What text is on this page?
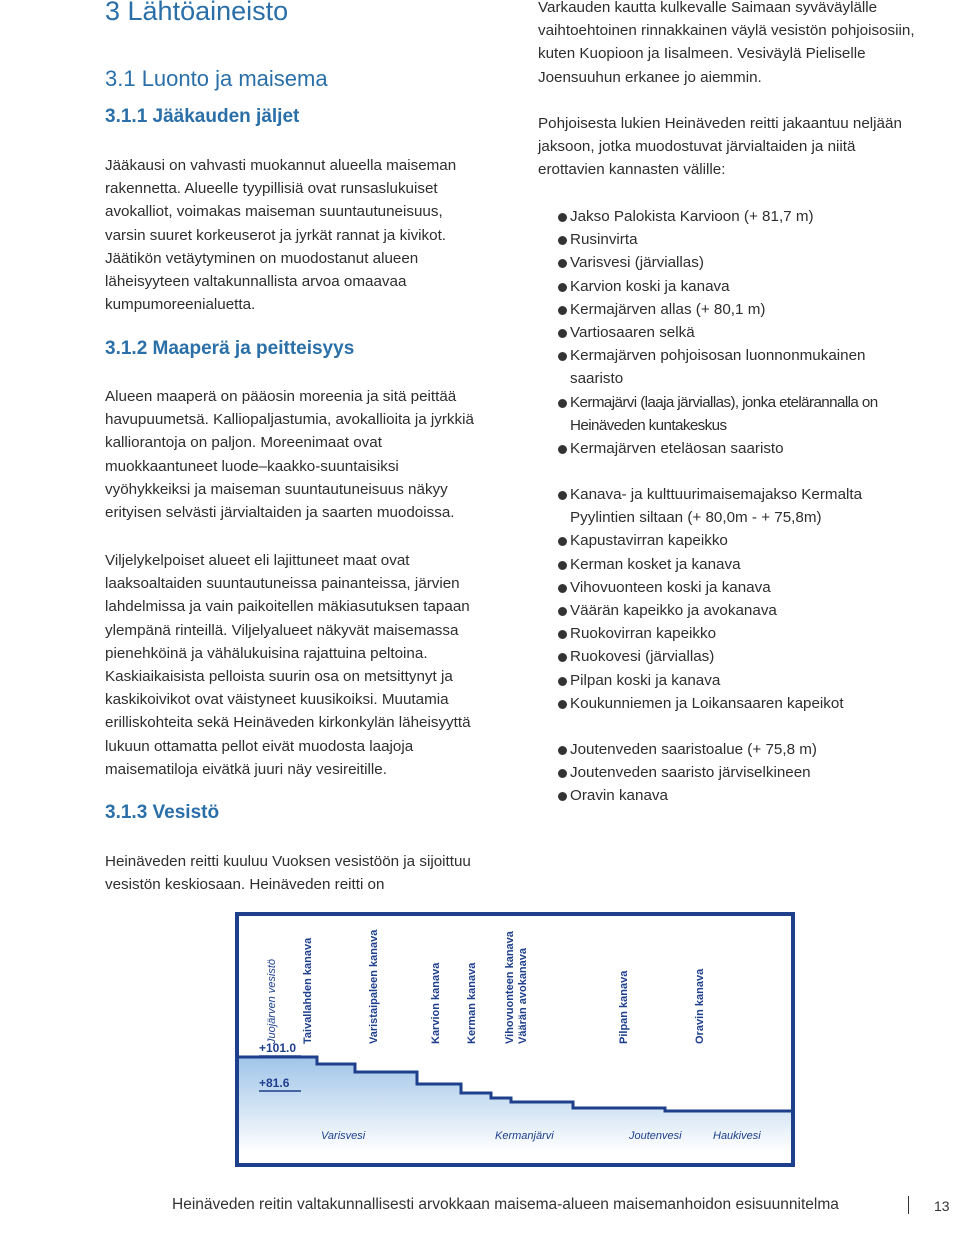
3 Lähtöaineisto
3.1 Luonto ja maisema
3.1.1 Jääkauden jäljet
Jääkausi on vahvasti muokannut alueella maiseman rakennetta. Alueelle tyypillisiä ovat runsaslukuiset avokalliot, voimakas maiseman suuntautuneisuus, varsin suuret korkeuserot ja jyrkät rannat ja kivikot. Jäätikön vetäytyminen on muodostanut alueen läheisyyteen valtakunnallista arvoa omaavaa kumpumoreenialuetta.
3.1.2 Maaperä ja peitteisyys
Alueen maaperä on pääosin moreenia ja sitä peittää havupuumetsä. Kalliopaljastumia, avokallioita ja jyrkkiä kalliorantoja on paljon. Moreenimaat ovat muokkaantuneet luode–kaakko-suuntaisiksi vyöhykkeiksi ja maiseman suuntautuneisuus näkyy erityisen selvästi järvialtaiden ja saarten muodoissa.
Viljelykelpoiset alueet eli lajittuneet maat ovat laaksoaltaiden suuntautuneissa painanteissa, järvien lahdelmissa ja vain paikoitellen mäkiasutuksen tapaan ylempänä rinteillä. Viljelyalueet näkyvät maisemassa pienehköinä ja vähälukuisina rajattuina peltoina. Kaskiaikaisista pelloista suurin osa on metsittynyt ja kaskikoivikot ovat väistyneet kuusikoiksi. Muutamia erilliskohteita sekä Heinäveden kirkonkylän läheisyyttä lukuun ottamatta pellot eivät muodosta laajoja maisematiloja eivätkä juuri näy vesireitille.
3.1.3 Vesistö
Heinäveden reitti kuuluu Vuoksen vesistöön ja sijoittuu vesistön keskiosaan. Heinäveden reitti on
Varkauden kautta kulkevalle Saimaan syväväylälle vaihtoehtoinen rinnakkainen väylä vesistön pohjoisosiin, kuten Kuopioon ja Iisalmeen. Vesiväylä Pieliselle Joensuuhun erkanee jo aiemmin.
Pohjoisesta lukien Heinäveden reitti jakaantuu neljään jaksoon, jotka muodostuvat järvialtaiden ja niitä erottavien kannasten välille:
Jakso Palokista Karvioon (+ 81,7 m)
Rusinvirta
Varisvesi (järviallas)
Karvion koski ja kanava
Kermajärven allas (+ 80,1 m)
Vartiosaaren selkä
Kermajärven pohjoisosan luonnonmukainen saaristo
Kermajärvi (laaja järviallas), jonka etelärannalla on Heinäveden kuntakeskus
Kermajärven eteläosan saaristo
Kanava- ja kulttuurimaisemajakso Kermalta Pyylintien siltaan (+ 80,0m - + 75,8m)
Kapustavirran kapeikko
Kerman kosket ja kanava
Vihovuonteen koski ja kanava
Väärän kapeikko ja avokanava
Ruokovirran kapeikko
Ruokovesi (järviallas)
Pilpan koski ja kanava
Koukunniemen ja Loikansaaren kapeikot
Joutenveden saaristoalue (+ 75,8 m)
Joutenveden saaristo järviselkineen
Oravin kanava
Juojärven vesistö Taivallahden kanava	Varistaipaleen kanava	Karvion kanava Kerman kanava Vihovuonteen kanava Väärän avokanava	Pilpan kanava	Oravin kanava
+101.0
+81.6
Varisvesi	Kermanjärvi	Joutenvesi	Haukivesi
Heinäveden reitin valtakunnallisesti arvokkaan maisema-alueen maisemanhoidon esisuunnitelma	13
